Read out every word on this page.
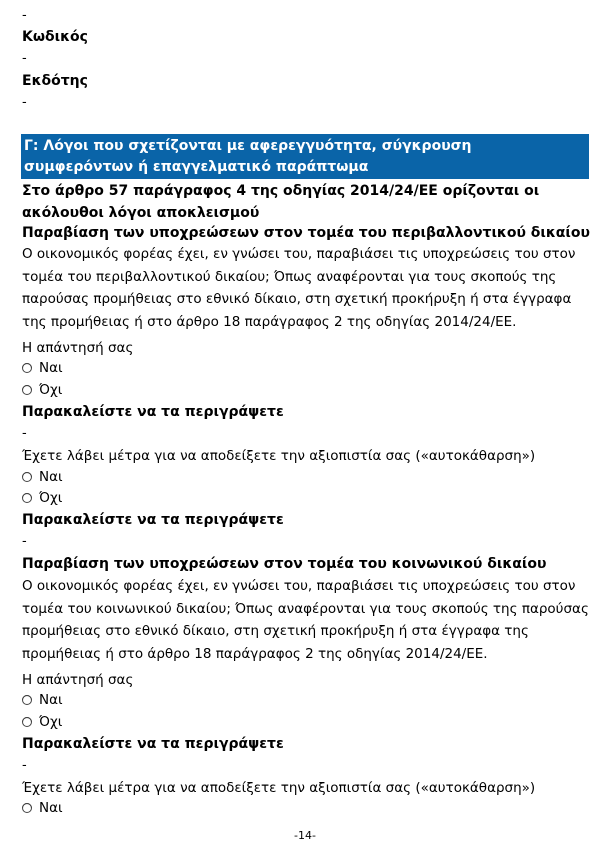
-
Κωδικός
-
Εκδότης
-
Γ: Λόγοι που σχετίζονται με αφερεγγυότητα, σύγκρουση συμφερόντων ή επαγγελματικό παράπτωμα
Στο άρθρο 57 παράγραφος 4 της οδηγίας 2014/24/ΕΕ ορίζονται οι ακόλουθοι λόγοι αποκλεισμού
Παραβίαση των υποχρεώσεων στον τομέα του περιβαλλοντικού δικαίου
Ο οικονομικός φορέας έχει, εν γνώσει του, παραβιάσει τις υποχρεώσεις του στον τομέα του περιβαλλοντικού δικαίου; Όπως αναφέρονται για τους σκοπούς της παρούσας προμήθειας στο εθνικό δίκαιο, στη σχετική προκήρυξη ή στα έγγραφα της προμήθειας ή στο άρθρο 18 παράγραφος 2 της οδηγίας 2014/24/ΕΕ.
Η απάντησή σας
Ναι
Όχι
Παρακαλείστε να τα περιγράψετε
-
Έχετε λάβει μέτρα για να αποδείξετε την αξιοπιστία σας («αυτοκάθαρση»)
Ναι
Όχι
Παρακαλείστε να τα περιγράψετε
-
Παραβίαση των υποχρεώσεων στον τομέα του κοινωνικού δικαίου
Ο οικονομικός φορέας έχει, εν γνώσει του, παραβιάσει τις υποχρεώσεις του στον τομέα του κοινωνικού δικαίου; Όπως αναφέρονται για τους σκοπούς της παρούσας προμήθειας στο εθνικό δίκαιο, στη σχετική προκήρυξη ή στα έγγραφα της προμήθειας ή στο άρθρο 18 παράγραφος 2 της οδηγίας 2014/24/ΕΕ.
Η απάντησή σας
Ναι
Όχι
Παρακαλείστε να τα περιγράψετε
-
Έχετε λάβει μέτρα για να αποδείξετε την αξιοπιστία σας («αυτοκάθαρση»)
Ναι
-14-
